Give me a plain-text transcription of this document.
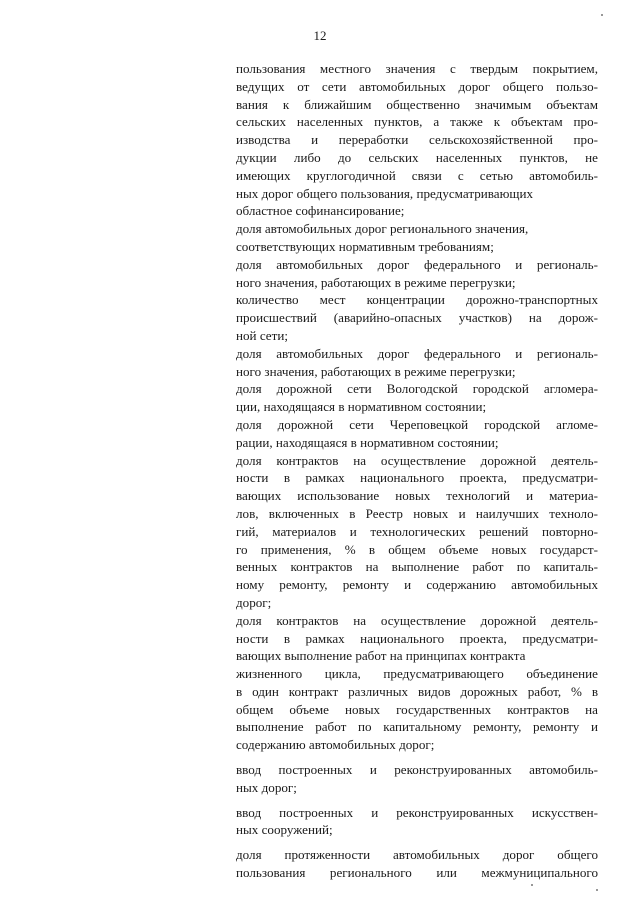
12
пользования местного значения с твердым покрытием,
ведущих от сети автомобильных дорог общего пользо-
вания к ближайшим общественно значимым объектам
сельских населенных пунктов, а также к объектам про-
изводства и переработки сельскохозяйственной про-
дукции либо до сельских населенных пунктов, не
имеющих круглогодичной связи с сетью автомобиль-
ных дорог общего пользования, предусматривающих
областное софинансирование;
доля автомобильных дорог регионального значения,
соответствующих нормативным требованиям;
доля автомобильных дорог федерального и региональ-
ного значения, работающих в режиме перегрузки;
количество мест концентрации дорожно-транспортных
происшествий (аварийно-опасных участков) на дорож-
ной сети;
доля автомобильных дорог федерального и региональ-
ного значения, работающих в режиме перегрузки;
доля дорожной сети Вологодской городской агломера-
ции, находящаяся в нормативном состоянии;
доля дорожной сети Череповецкой городской агломе-
рации, находящаяся в нормативном состоянии;
доля контрактов на осуществление дорожной деятель-
ности в рамках национального проекта, предусматри-
вающих использование новых технологий и материа-
лов, включенных в Реестр новых и наилучших техноло-
гий, материалов и технологических решений повторно-
го применения, % в общем объеме новых государст-
венных контрактов на выполнение работ по капиталь-
ному ремонту, ремонту и содержанию автомобильных
дорог;
доля контрактов на осуществление дорожной деятель-
ности в рамках национального проекта, предусматри-
вающих выполнение работ на принципах контракта
жизненного цикла, предусматривающего объединение
в один контракт различных видов дорожных работ, % в
общем объеме новых государственных контрактов на
выполнение работ по капитальному ремонту, ремонту и
содержанию автомобильных дорог;
ввод построенных и реконструированных автомобиль-
ных дорог;
ввод построенных и реконструированных искусствен-
ных сооружений;
доля протяженности автомобильных дорог общего
пользования регионального или межмуниципального
